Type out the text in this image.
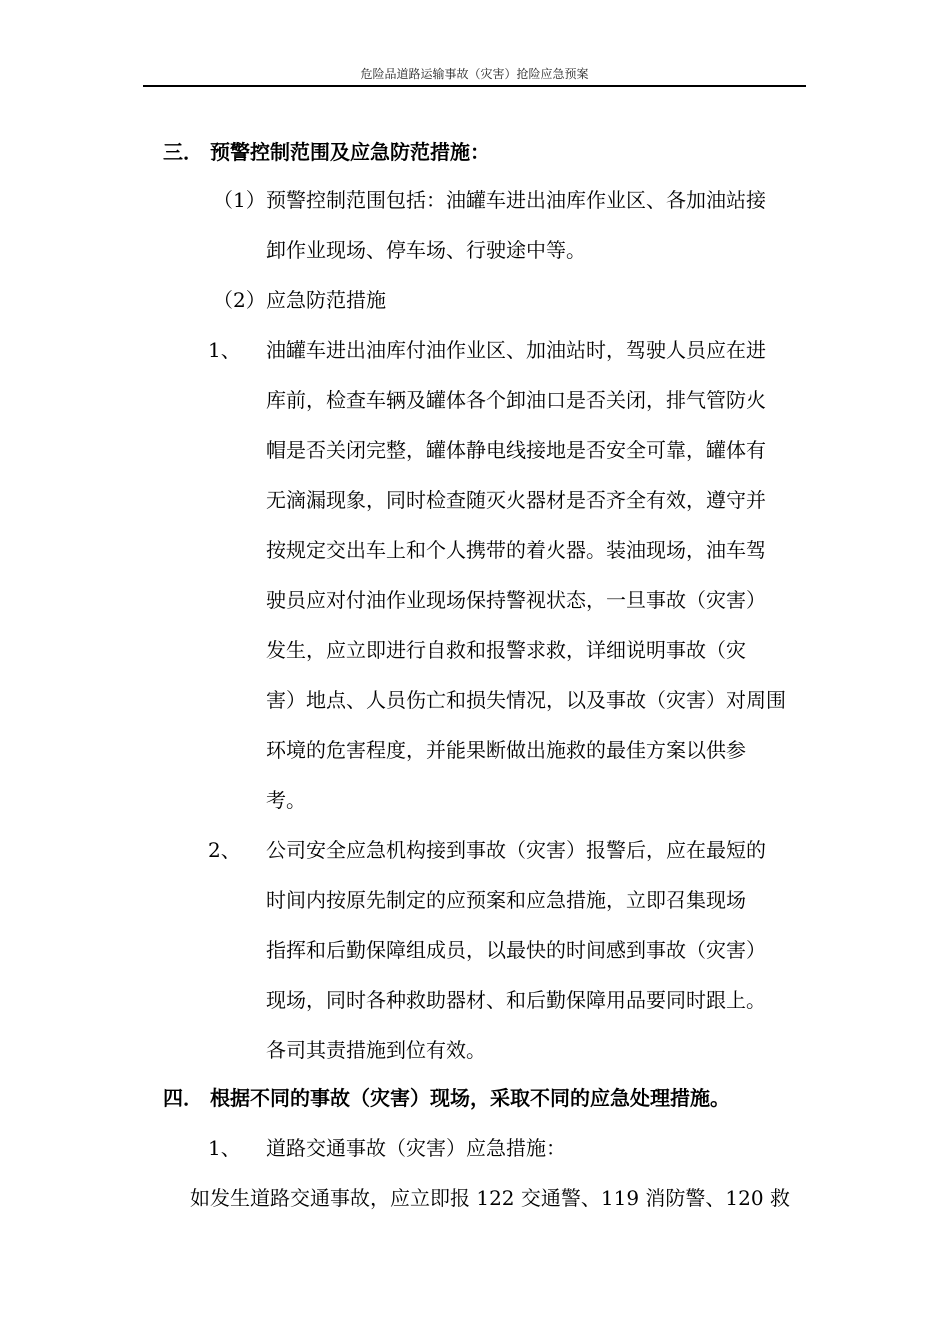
危险品道路运输事故（灾害）抢险应急预案
三． 预警控制范围及应急防范措施：
（1） 预警控制范围包括：油罐车进出油库作业区、各加油站接
卸作业现场、停车场、行驶途中等。
（2） 应急防范措施
1、 油罐车进出油库付油作业区、加油站时，驾驶人员应在进
库前，检查车辆及罐体各个卸油口是否关闭，排气管防火
帽是否关闭完整，罐体静电线接地是否安全可靠，罐体有
无滴漏现象，同时检查随灭火器材是否齐全有效，遵守并
按规定交出车上和个人携带的着火器。装油现场，油车驾
驶员应对付油作业现场保持警视状态，一旦事故（灾害）
发生，应立即进行自救和报警求救，详细说明事故（灾
害）地点、人员伤亡和损失情况，以及事故（灾害）对周围
环境的危害程度，并能果断做出施救的最佳方案以供参
考。
2、 公司安全应急机构接到事故（灾害）报警后，应在最短的
时间内按原先制定的应预案和应急措施，立即召集现场
指挥和后勤保障组成员，以最快的时间感到事故（灾害）
现场，同时各种救助器材、和后勤保障用品要同时跟上。
各司其责措施到位有效。
四． 根据不同的事故（灾害）现场，采取不同的应急处理措施。
1、 道路交通事故（灾害）应急措施：
如发生道路交通事故，应立即报 122 交通警、119 消防警、120 救
